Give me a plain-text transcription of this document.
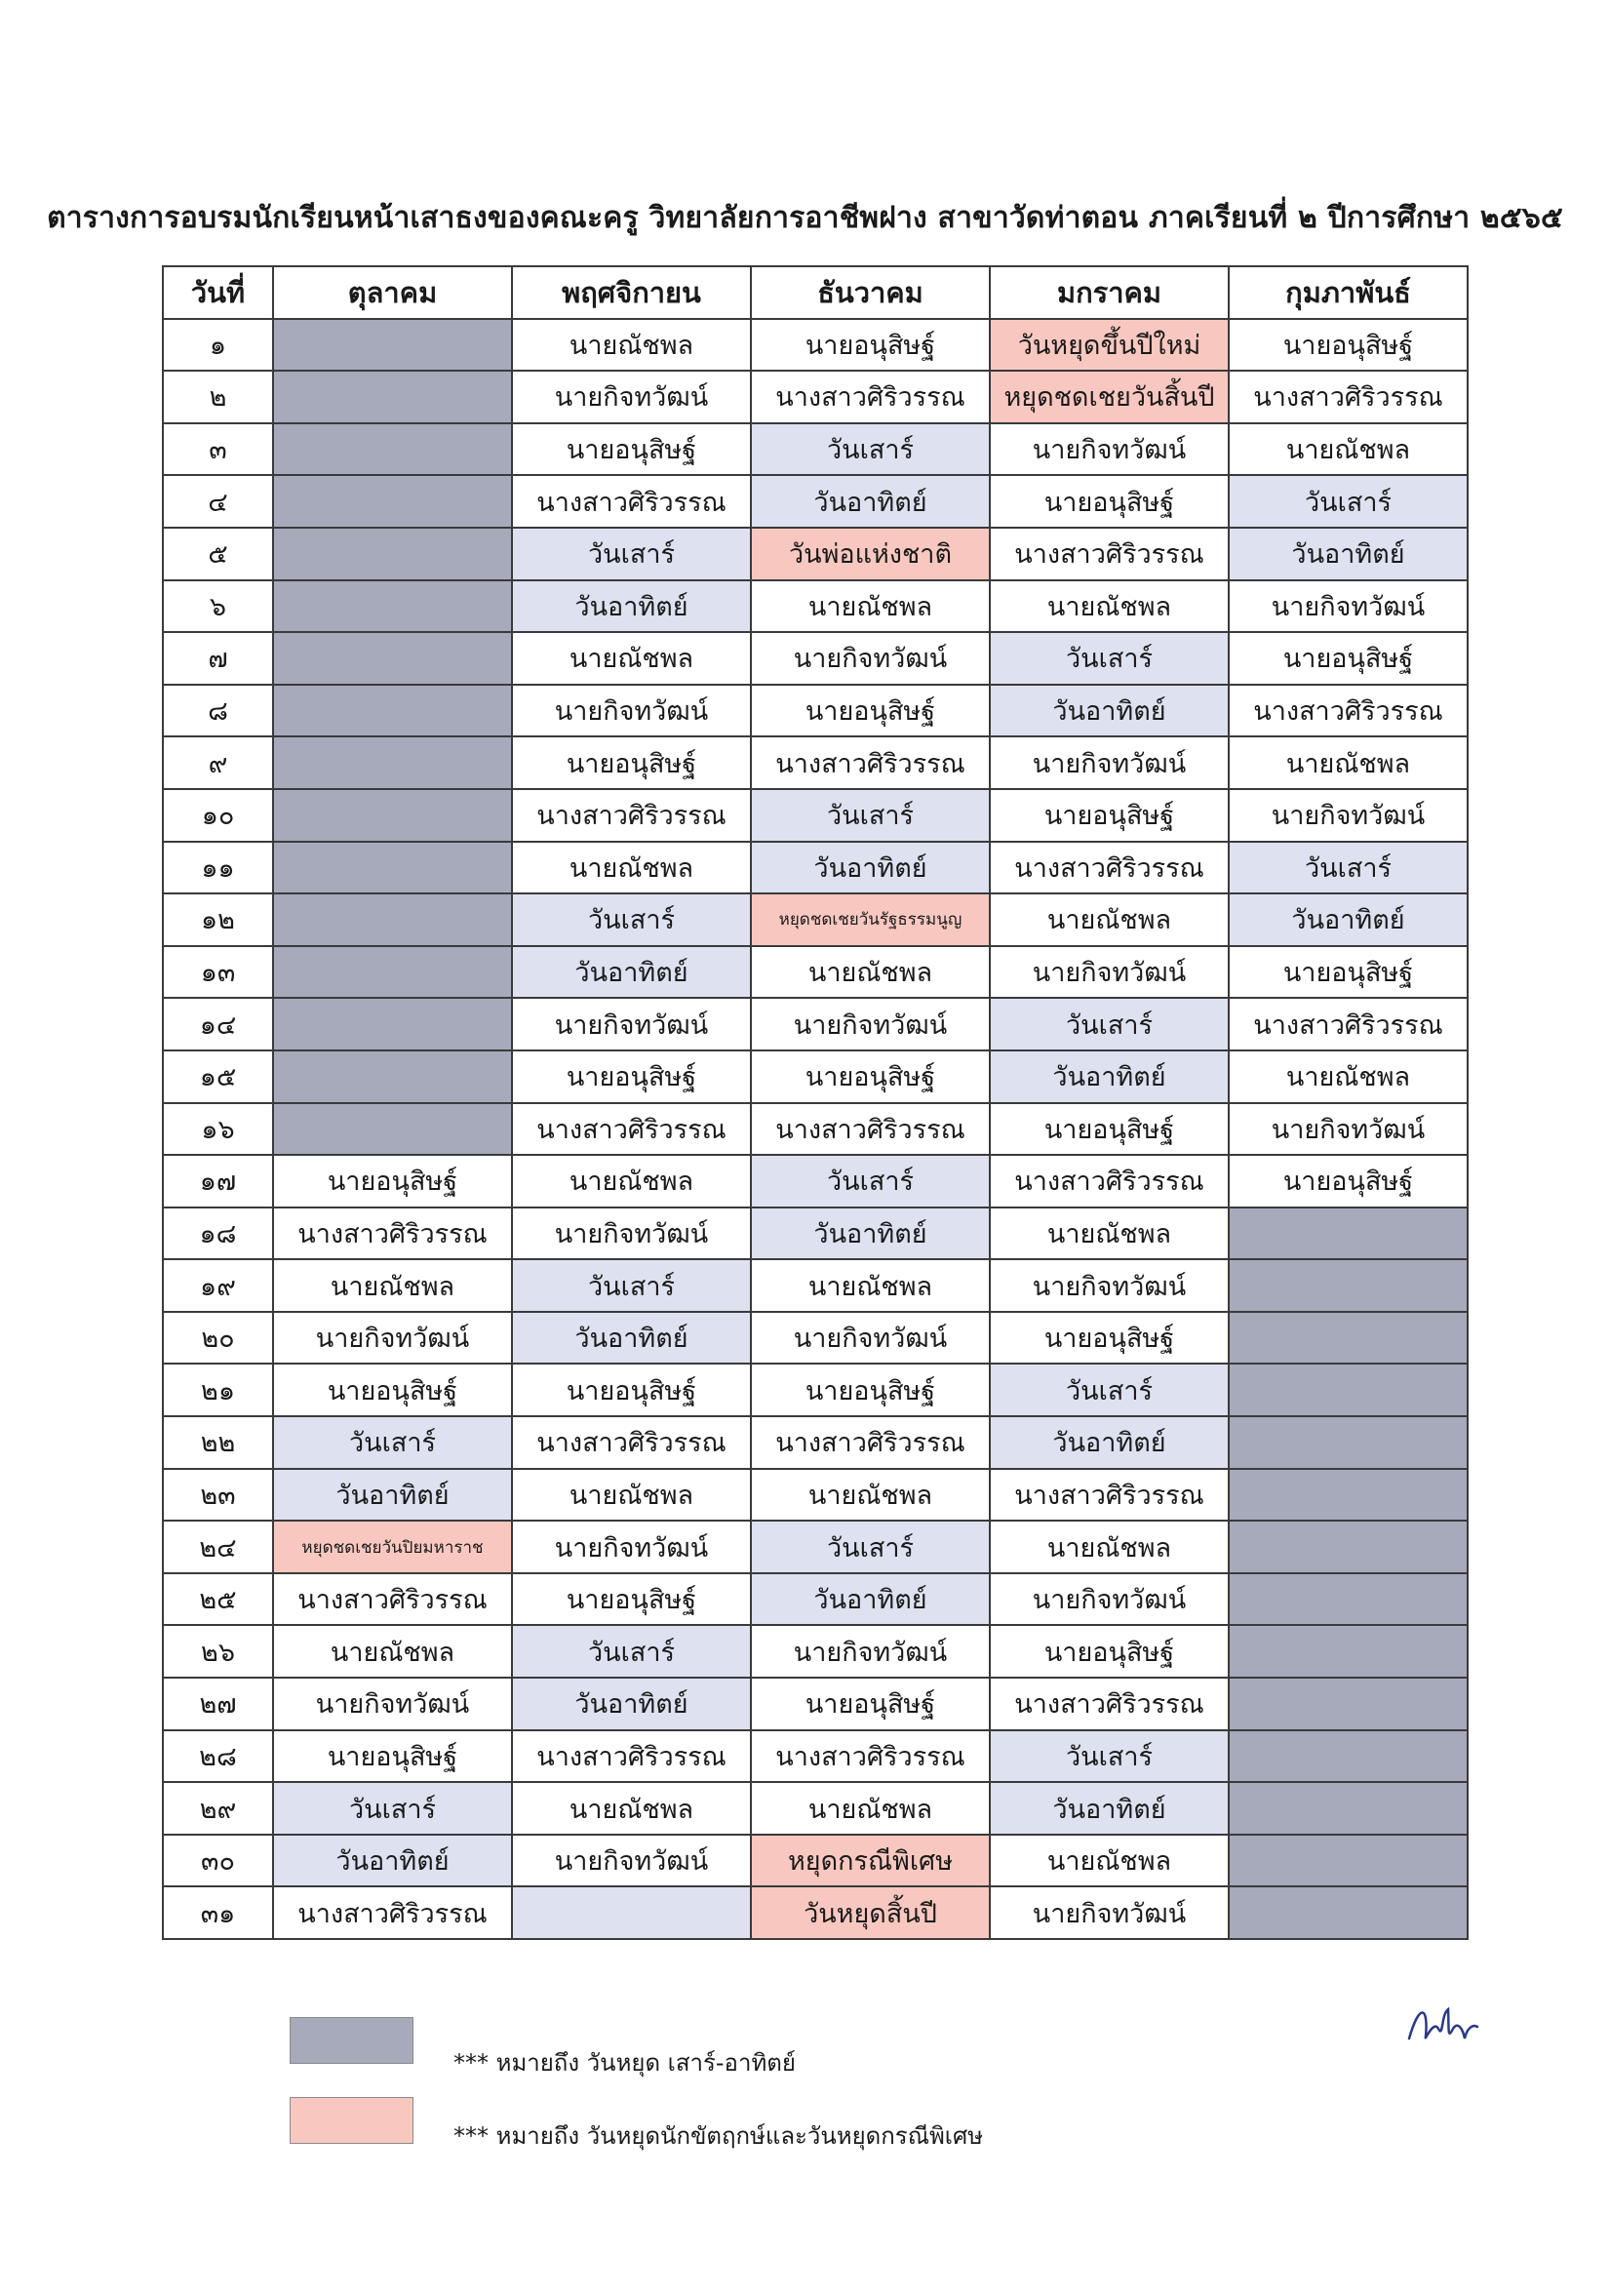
ตารางการอบรมนักเรียนหน้าเสาธงของคณะครู วิทยาลัยการอาชีพฝาง สาขาวัดท่าตอน ภาคเรียนที่ ๒ ปีการศึกษา ๒๕๖๕
วันที่	ตุลาคม	พฤศจิกายน	ธันวาคม	มกราคม	กุมภาพันธ์
๑		นายณัชพล	นายอนุสิษฐ์	วันหยุดขึ้นปีใหม่	นายอนุสิษฐ์
๒		นายกิจทวัฒน์	นางสาวศิริวรรณ	หยุดชดเชยวันสิ้นปี	นางสาวศิริวรรณ
๓		นายอนุสิษฐ์	วันเสาร์	นายกิจทวัฒน์	นายณัชพล
๔		นางสาวศิริวรรณ	วันอาทิตย์	นายอนุสิษฐ์	วันเสาร์
๕		วันเสาร์	วันพ่อแห่งชาติ	นางสาวศิริวรรณ	วันอาทิตย์
๖		วันอาทิตย์	นายณัชพล	นายณัชพล	นายกิจทวัฒน์
๗		นายณัชพล	นายกิจทวัฒน์	วันเสาร์	นายอนุสิษฐ์
๘		นายกิจทวัฒน์	นายอนุสิษฐ์	วันอาทิตย์	นางสาวศิริวรรณ
๙		นายอนุสิษฐ์	นางสาวศิริวรรณ	นายกิจทวัฒน์	นายณัชพล
๑๐		นางสาวศิริวรรณ	วันเสาร์	นายอนุสิษฐ์	นายกิจทวัฒน์
๑๑		นายณัชพล	วันอาทิตย์	นางสาวศิริวรรณ	วันเสาร์
๑๒		วันเสาร์	หยุดชดเชยวันรัฐธรรมนูญ	นายณัชพล	วันอาทิตย์
๑๓		วันอาทิตย์	นายณัชพล	นายกิจทวัฒน์	นายอนุสิษฐ์
๑๔		นายกิจทวัฒน์	นายกิจทวัฒน์	วันเสาร์	นางสาวศิริวรรณ
๑๕		นายอนุสิษฐ์	นายอนุสิษฐ์	วันอาทิตย์	นายณัชพล
๑๖		นางสาวศิริวรรณ	นางสาวศิริวรรณ	นายอนุสิษฐ์	นายกิจทวัฒน์
๑๗	นายอนุสิษฐ์	นายณัชพล	วันเสาร์	นางสาวศิริวรรณ	นายอนุสิษฐ์
๑๘	นางสาวศิริวรรณ	นายกิจทวัฒน์	วันอาทิตย์	นายณัชพล	
๑๙	นายณัชพล	วันเสาร์	นายณัชพล	นายกิจทวัฒน์	
๒๐	นายกิจทวัฒน์	วันอาทิตย์	นายกิจทวัฒน์	นายอนุสิษฐ์	
๒๑	นายอนุสิษฐ์	นายอนุสิษฐ์	นายอนุสิษฐ์	วันเสาร์	
๒๒	วันเสาร์	นางสาวศิริวรรณ	นางสาวศิริวรรณ	วันอาทิตย์	
๒๓	วันอาทิตย์	นายณัชพล	นายณัชพล	นางสาวศิริวรรณ	
๒๔	หยุดชดเชยวันปิยมหาราช	นายกิจทวัฒน์	วันเสาร์	นายณัชพล	
๒๕	นางสาวศิริวรรณ	นายอนุสิษฐ์	วันอาทิตย์	นายกิจทวัฒน์	
๒๖	นายณัชพล	วันเสาร์	นายกิจทวัฒน์	นายอนุสิษฐ์	
๒๗	นายกิจทวัฒน์	วันอาทิตย์	นายอนุสิษฐ์	นางสาวศิริวรรณ	
๒๘	นายอนุสิษฐ์	นางสาวศิริวรรณ	นางสาวศิริวรรณ	วันเสาร์	
๒๙	วันเสาร์	นายณัชพล	นายณัชพล	วันอาทิตย์	
๓๐	วันอาทิตย์	นายกิจทวัฒน์	หยุดกรณีพิเศษ	นายณัชพล	
๓๑	นางสาวศิริวรรณ		วันหยุดสิ้นปี	นายกิจทวัฒน์	
*** หมายถึง วันหยุด เสาร์-อาทิตย์
*** หมายถึง วันหยุดนักขัตฤกษ์และวันหยุดกรณีพิเศษ
